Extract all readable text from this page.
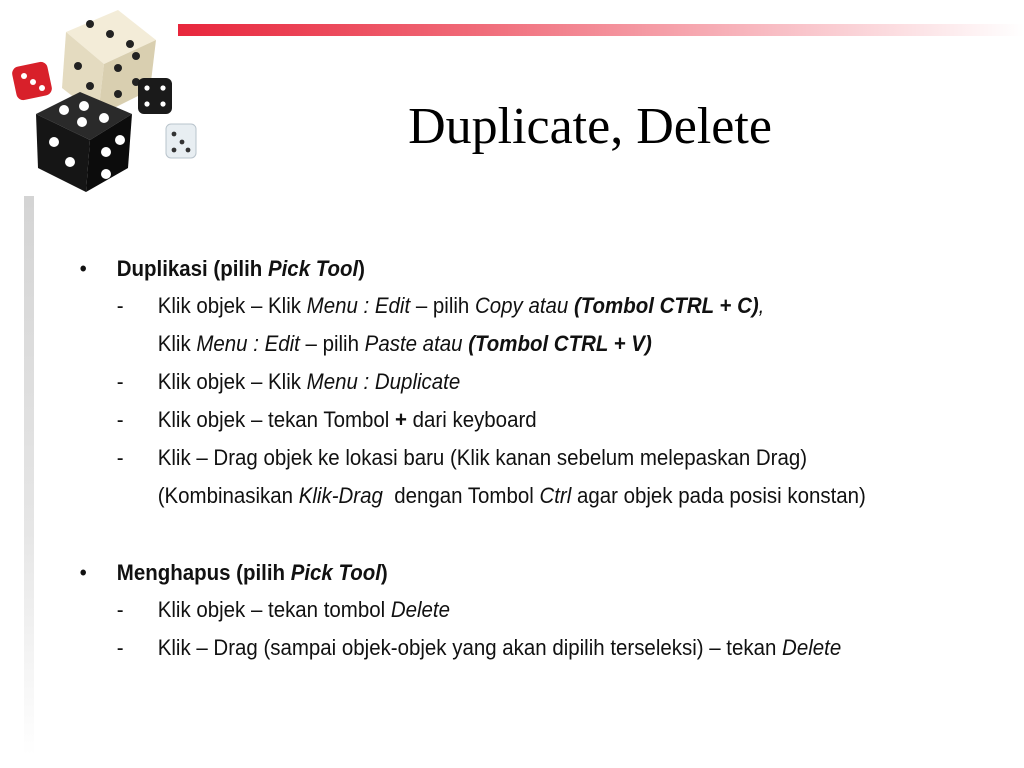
Duplicate, Delete
• Duplikasi (pilih Pick Tool)
- Klik objek – Klik Menu : Edit – pilih Copy atau (Tombol CTRL + C),
Klik Menu : Edit – pilih Paste atau (Tombol CTRL + V)
- Klik objek – Klik Menu : Duplicate
- Klik objek – tekan Tombol + dari keyboard
- Klik – Drag objek ke lokasi baru (Klik kanan sebelum melepaskan Drag)
(Kombinasikan Klik-Drag  dengan Tombol Ctrl agar objek pada posisi konstan)
• Menghapus (pilih Pick Tool)
- Klik objek – tekan tombol Delete
- Klik – Drag (sampai objek-objek yang akan dipilih terseleksi) – tekan Delete
